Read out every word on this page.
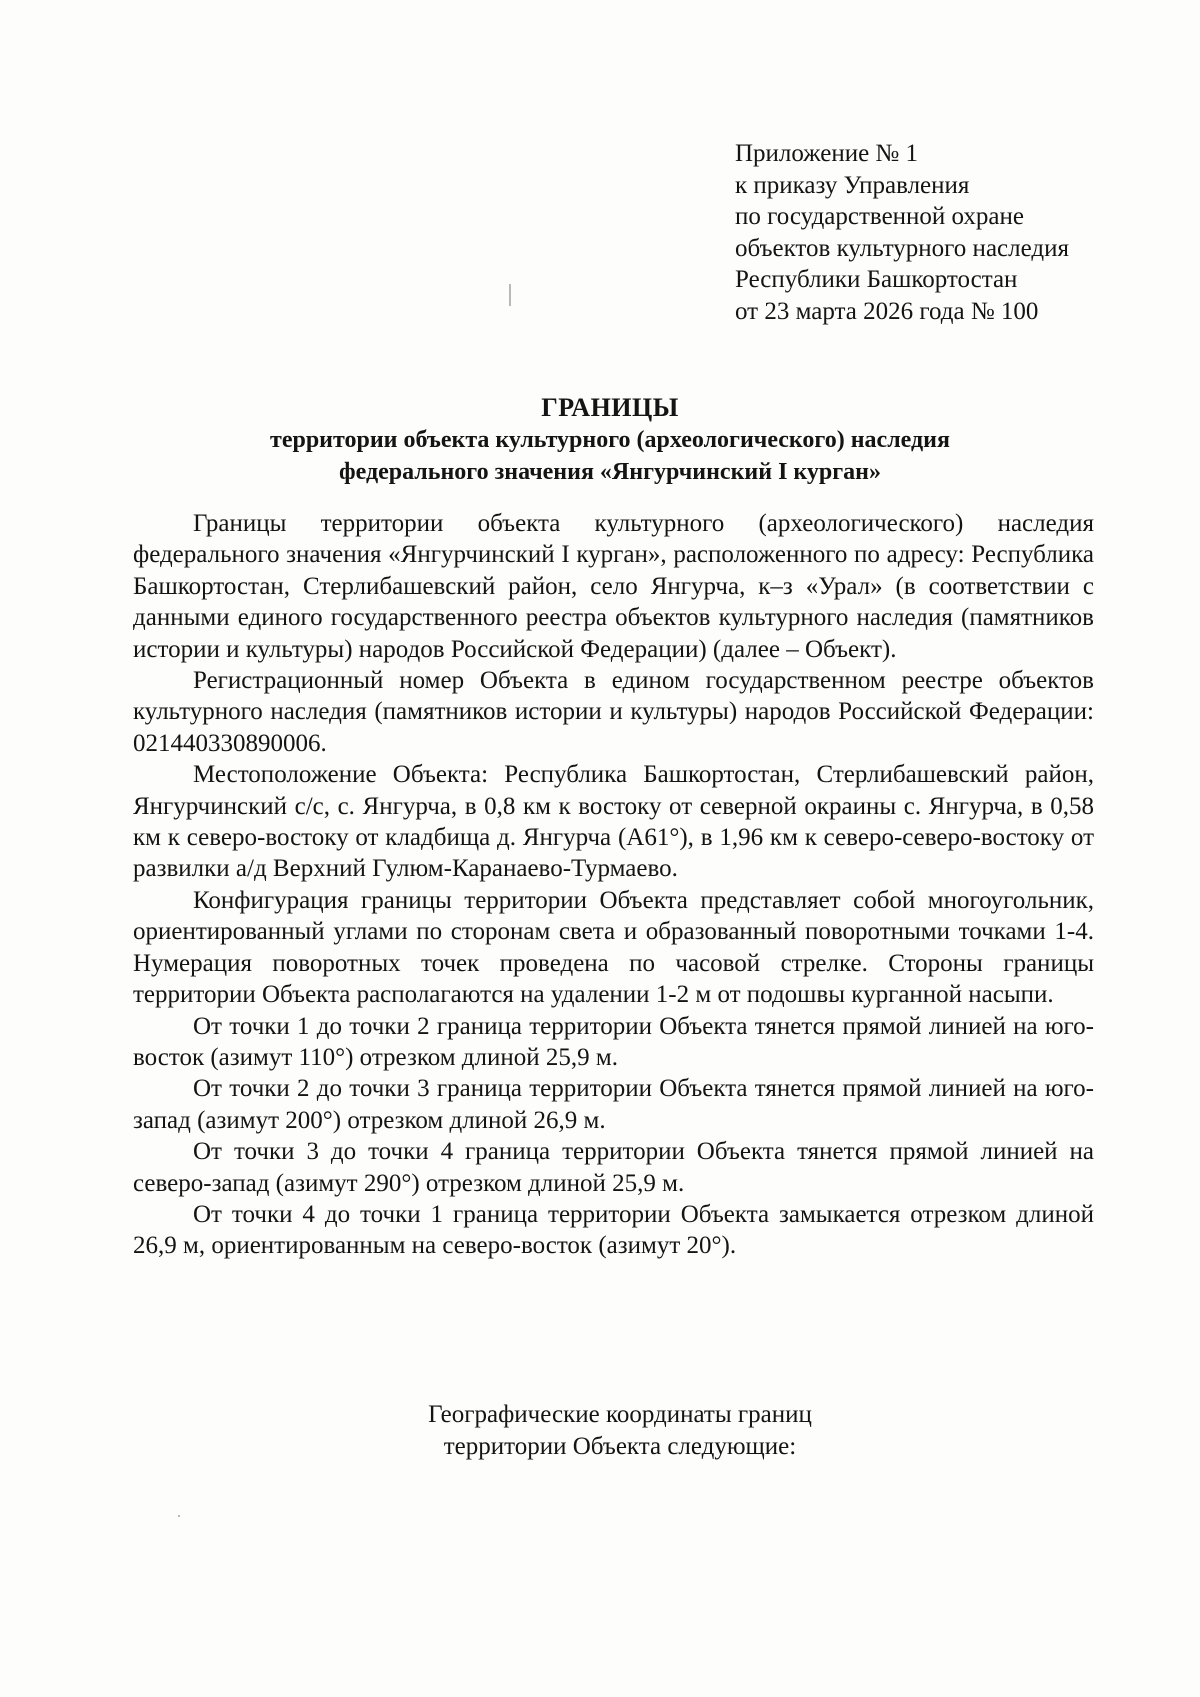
Приложение № 1
к приказу Управления
по государственной охране
объектов культурного наследия
Республики Башкортостан
от 23 марта 2026 года № 100
ГРАНИЦЫ
территории объекта культурного (археологического) наследия
федерального значения «Янгурчинский I курган»

Границы территории объекта культурного (археологического) наследия федерального значения «Янгурчинский I курган», расположенного по адресу: Республика Башкортостан, Стерлибашевский район, село Янгурча, к–з «Урал» (в соответствии с данными единого государственного реестра объектов культурного наследия (памятников истории и культуры) народов Российской Федерации) (далее – Объект).

Регистрационный номер Объекта в едином государственном реестре объектов культурного наследия (памятников истории и культуры) народов Российской Федерации: 021440330890006.

Местоположение Объекта: Республика Башкортостан, Стерлибашевский район, Янгурчинский с/с, с. Янгурча, в 0,8 км к востоку от северной окраины с. Янгурча, в 0,58 км к северо-востоку от кладбища д. Янгурча (А61°), в 1,96 км к северо-северо-востоку от развилки а/д Верхний Гулюм-Каранаево-Турмаево.

Конфигурация границы территории Объекта представляет собой многоугольник, ориентированный углами по сторонам света и образованный поворотными точками 1-4. Нумерация поворотных точек проведена по часовой стрелке. Стороны границы территории Объекта располагаются на удалении 1-2 м от подошвы курганной насыпи.

От точки 1 до точки 2 граница территории Объекта тянется прямой линией на юго-восток (азимут 110°) отрезком длиной 25,9 м.

От точки 2 до точки 3 граница территории Объекта тянется прямой линией на юго-запад (азимут 200°) отрезком длиной 26,9 м.

От точки 3 до точки 4 граница территории Объекта тянется прямой линией на северо-запад (азимут 290°) отрезком длиной 25,9 м.

От точки 4 до точки 1 граница территории Объекта замыкается отрезком длиной 26,9 м, ориентированным на северо-восток (азимут 20°).

Географические координаты границ
территории Объекта следующие:
